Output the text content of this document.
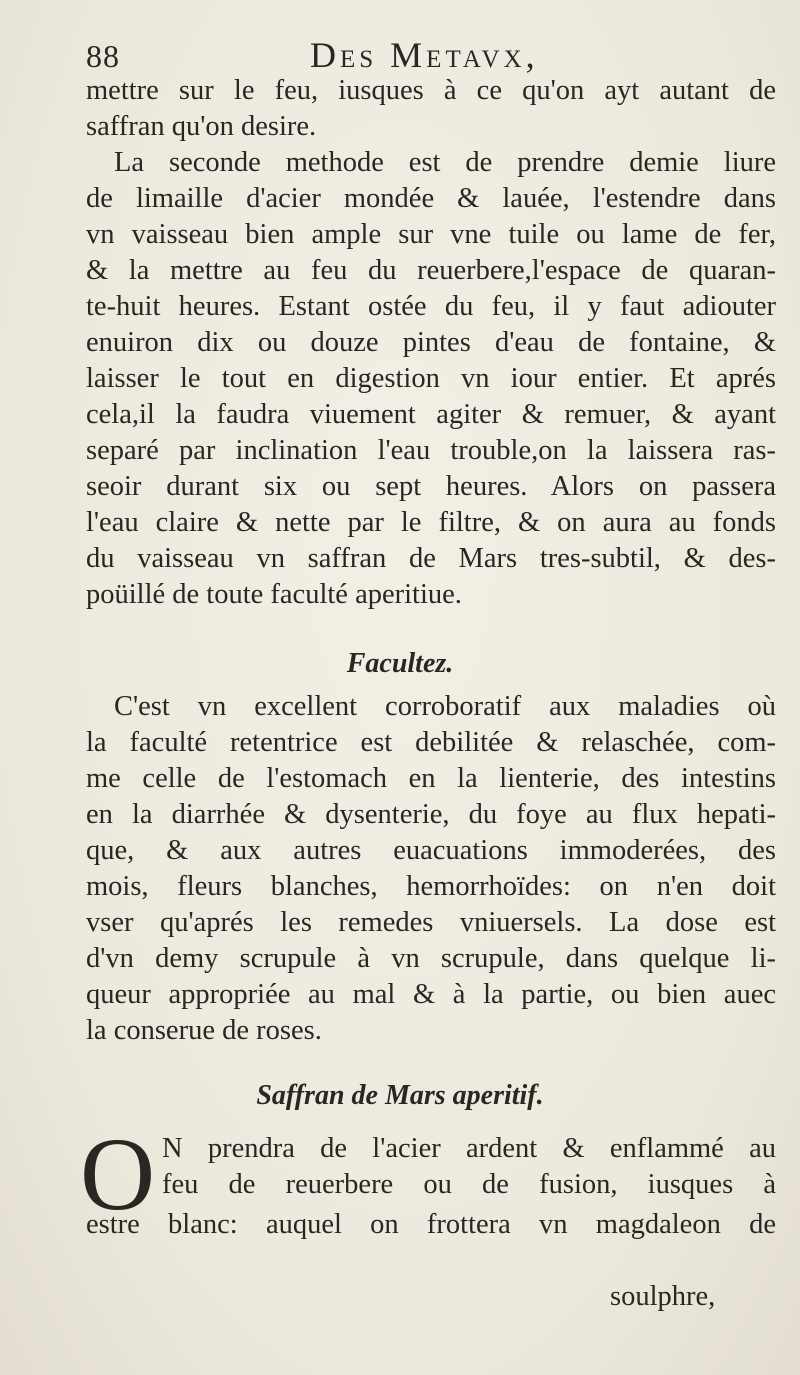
88	Des Metavx,
mettre sur le feu, iusques à ce qu'on ayt autant de
saffran qu'on desire.
La seconde methode est de prendre demie liure
de limaille d'acier mondée & lauée, l'estendre dans
vn vaisseau bien ample sur vne tuile ou lame de fer,
& la mettre au feu du reuerbere,l'espace de quaran-
te-huit heures. Estant ostée du feu, il y faut adiouter
enuiron dix ou douze pintes d'eau de fontaine, &
laisser le tout en digestion vn iour entier. Et aprés
cela,il la faudra viuement agiter & remuer, & ayant
separé par inclination l'eau trouble,on la laissera ras-
seoir durant six ou sept heures. Alors on passera
l'eau claire & nette par le filtre, & on aura au fonds
du vaisseau vn saffran de Mars tres-subtil, & des-
poüillé de toute faculté aperitiue.
Facultez.
C'est vn excellent corroboratif aux maladies où
la faculté retentrice est debilitée & relaschée, com-
me celle de l'estomach en la lienterie, des intestins
en la diarrhée & dysenterie, du foye au flux hepati-
que, & aux autres euacuations immoderées, des
mois, fleurs blanches, hemorrhoïdes: on n'en doit
vser qu'aprés les remedes vniuersels. La dose est
d'vn demy scrupule à vn scrupule, dans quelque li-
queur appropriée au mal & à la partie, ou bien auec
la conserue de roses.
Saffran de Mars aperitif.
O N prendra de l'acier ardent & enflammé au
feu de reuerbere ou de fusion, iusques à
estre blanc: auquel on frottera vn magdaleon de
soulphre,
